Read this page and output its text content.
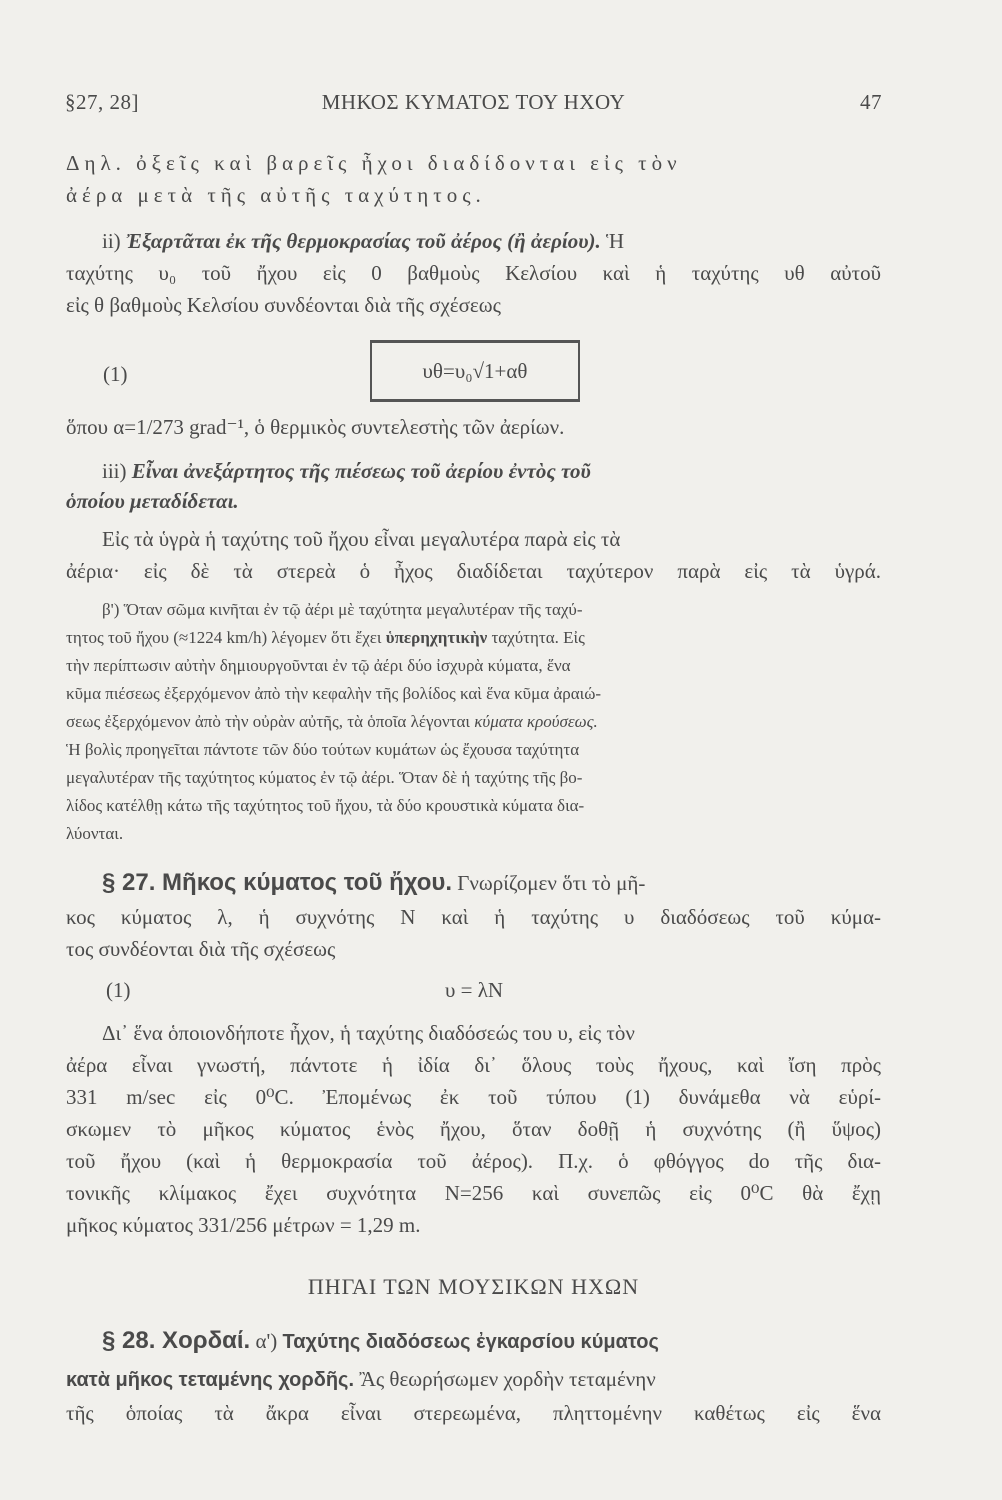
§27, 28]	ΜΗΚΟΣ ΚΥΜΑΤΟΣ ΤΟΥ ΗΧΟΥ	47
Δηλ. ὀξεῖς καὶ βαρεῖς ἦχοι διαδίδονται εἰς τὸν
ἀέρα μετὰ τῆς αὐτῆς ταχύτητος.
ii) Ἐξαρτᾶται ἐκ τῆς θερμοκρασίας τοῦ ἀέρος (ἢ ἀερίου). Ἡ
ταχύτης υ₀ τοῦ ἤχου εἰς 0 βαθμοὺς Κελσίου καὶ ἡ ταχύτης υθ αὐτοῦ
εἰς θ βαθμοὺς Κελσίου συνδέονται διὰ τῆς σχέσεως
(1)	υθ=υ₀√1+αθ
ὅπου α=1/273 grad⁻¹, ὁ θερμικὸς συντελεστὴς τῶν ἀερίων.
iii) Εἶναι ἀνεξάρτητος τῆς πιέσεως τοῦ ἀερίου ἐντὸς τοῦ
ὁποίου μεταδίδεται.
Εἰς τὰ ὑγρὰ ἡ ταχύτης τοῦ ἤχου εἶναι μεγαλυτέρα παρὰ εἰς τὰ
ἀέρια· εἰς δὲ τὰ στερεὰ ὁ ἦχος διαδίδεται ταχύτερον παρὰ εἰς τὰ ὑγρά.
β') Ὅταν σῶμα κινῆται ἐν τῷ ἀέρι μὲ ταχύτητα μεγαλυτέραν τῆς ταχύ-
τητος τοῦ ἤχου (≈1224 km/h) λέγομεν ὅτι ἔχει ὑπερηχητικὴν ταχύτητα. Εἰς
τὴν περίπτωσιν αὐτὴν δημιουργοῦνται ἐν τῷ ἀέρι δύο ἰσχυρὰ κύματα, ἕνα
κῦμα πιέσεως ἐξερχόμενον ἀπὸ τὴν κεφαλὴν τῆς βολίδος καὶ ἕνα κῦμα ἀραιώ-
σεως ἐξερχόμενον ἀπὸ τὴν οὐρὰν αὐτῆς, τὰ ὁποῖα λέγονται κύματα κρούσεως.
Ἡ βολὶς προηγεῖται πάντοτε τῶν δύο τούτων κυμάτων ὡς ἔχουσα ταχύτητα
μεγαλυτέραν τῆς ταχύτητος κύματος ἐν τῷ ἀέρι. Ὅταν δὲ ἡ ταχύτης τῆς βο-
λίδος κατέλθῃ κάτω τῆς ταχύτητος τοῦ ἤχου, τὰ δύο κρουστικὰ κύματα δια-
λύονται.
§ 27. Μῆκος κύματος τοῦ ἤχου. Γνωρίζομεν ὅτι τὸ μῆ-
κος κύματος λ, ἡ συχνότης Ν καὶ ἡ ταχύτης υ διαδόσεως τοῦ κύμα-
τος συνδέονται διὰ τῆς σχέσεως
(1)	υ = λΝ
Δι᾽ ἕνα ὁποιονδήποτε ἦχον, ἡ ταχύτης διαδόσεώς του υ, εἰς τὸν
ἀέρα εἶναι γνωστή, πάντοτε ἡ ἰδία δι᾽ ὅλους τοὺς ἤχους, καὶ ἴση πρὸς
331 m/sec εἰς 0⁰C. Ἐπομένως ἐκ τοῦ τύπου (1) δυνάμεθα νὰ εὑρί-
σκωμεν τὸ μῆκος κύματος ἑνὸς ἤχου, ὅταν δοθῇ ἡ συχνότης (ἢ ὕψος)
τοῦ ἤχου (καὶ ἡ θερμοκρασία τοῦ ἀέρος). Π.χ. ὁ φθόγγος do τῆς δια-
τονικῆς κλίμακος ἔχει συχνότητα Ν=256 καὶ συνεπῶς εἰς 0⁰C θὰ ἔχῃ
μῆκος κύματος 331/256 μέτρων = 1,29 m.
ΠΗΓΑΙ ΤΩΝ ΜΟΥΣΙΚΩΝ ΗΧΩΝ
§ 28. Χορδαί. α') Ταχύτης διαδόσεως ἐγκαρσίου κύματος
κατὰ μῆκος τεταμένης χορδῆς. Ἂς θεωρήσωμεν χορδὴν τεταμένην
τῆς ὁποίας τὰ ἄκρα εἶναι στερεωμένα, πληττομένην καθέτως εἰς ἕνα
